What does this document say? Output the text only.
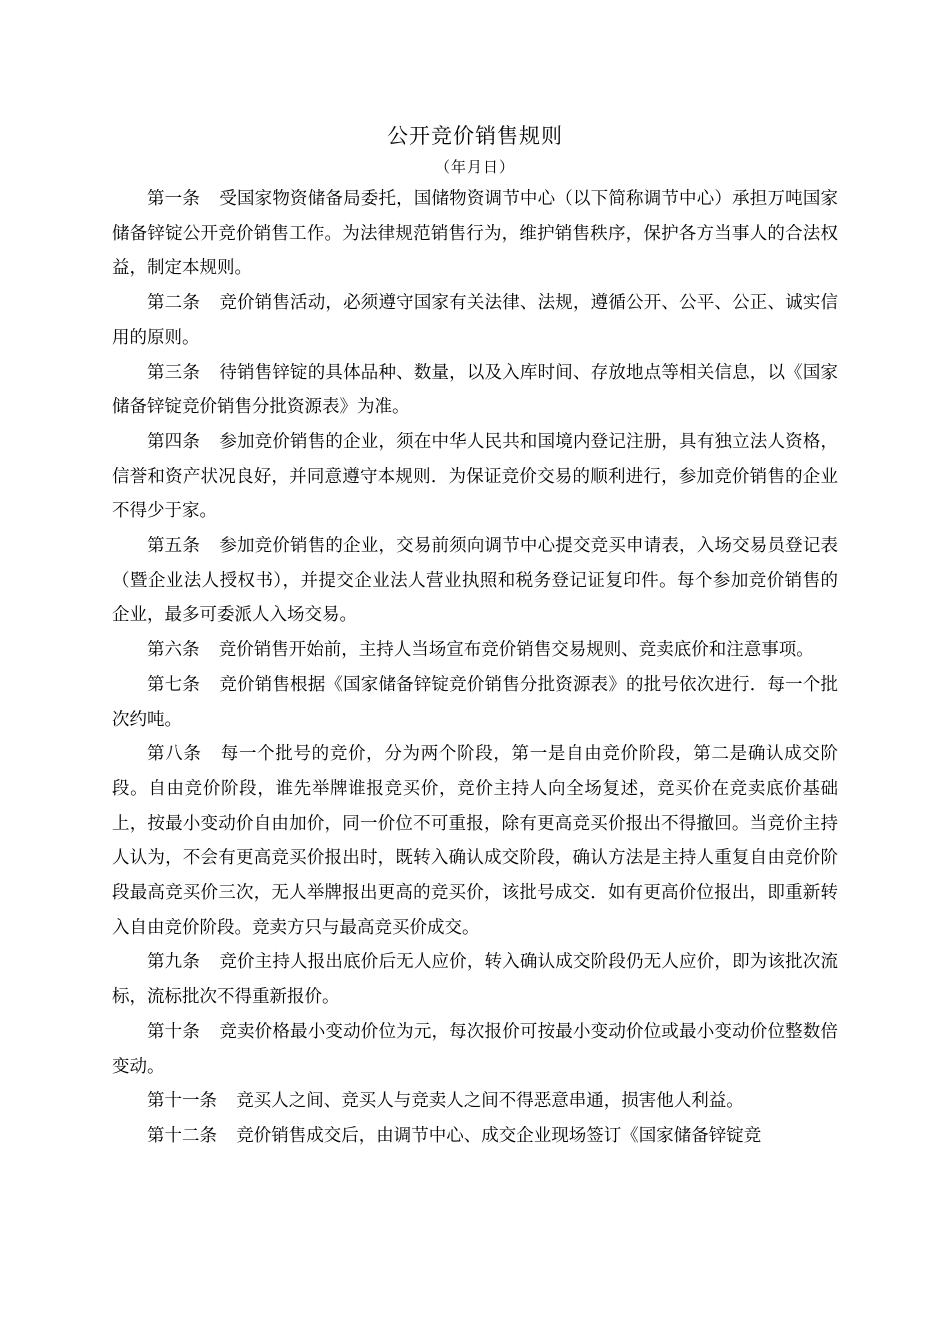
公开竞价销售规则
（年月日）

第一条 受国家物资储备局委托，国储物资调节中心（以下简称调节中心）承担万吨国家储备锌锭公开竞价销售工作。为法律规范销售行为，维护销售秩序，保护各方当事人的合法权益，制定本规则。

第二条 竞价销售活动，必须遵守国家有关法律、法规，遵循公开、公平、公正、诚实信用的原则。

第三条 待销售锌锭的具体品种、数量，以及入库时间、存放地点等相关信息，以《国家储备锌锭竞价销售分批资源表》为准。

第四条 参加竞价销售的企业，须在中华人民共和国境内登记注册，具有独立法人资格，信誉和资产状况良好，并同意遵守本规则．为保证竞价交易的顺利进行，参加竞价销售的企业不得少于家。

第五条 参加竞价销售的企业，交易前须向调节中心提交竞买申请表，入场交易员登记表（暨企业法人授权书），并提交企业法人营业执照和税务登记证复印件。每个参加竞价销售的企业，最多可委派人入场交易。

第六条 竞价销售开始前，主持人当场宣布竞价销售交易规则、竞卖底价和注意事项。

第七条 竞价销售根据《国家储备锌锭竞价销售分批资源表》的批号依次进行．每一个批次约吨。

第八条 每一个批号的竞价，分为两个阶段，第一是自由竞价阶段，第二是确认成交阶段。自由竞价阶段，谁先举牌谁报竞买价，竞价主持人向全场复述，竞买价在竞卖底价基础上，按最小变动价自由加价，同一价位不可重报，除有更高竞买价报出不得撤回。当竞价主持人认为，不会有更高竞买价报出时，既转入确认成交阶段，确认方法是主持人重复自由竞价阶段最高竞买价三次，无人举牌报出更高的竞买价，该批号成交．如有更高价位报出，即重新转入自由竞价阶段。竞卖方只与最高竞买价成交。

第九条 竞价主持人报出底价后无人应价，转入确认成交阶段仍无人应价，即为该批次流标，流标批次不得重新报价。

第十条 竞卖价格最小变动价位为元，每次报价可按最小变动价位或最小变动价位整数倍变动。

第十一条 竞买人之间、竞买人与竞卖人之间不得恶意串通，损害他人利益。

第十二条 竞价销售成交后，由调节中心、成交企业现场签订《国家储备锌锭竞
